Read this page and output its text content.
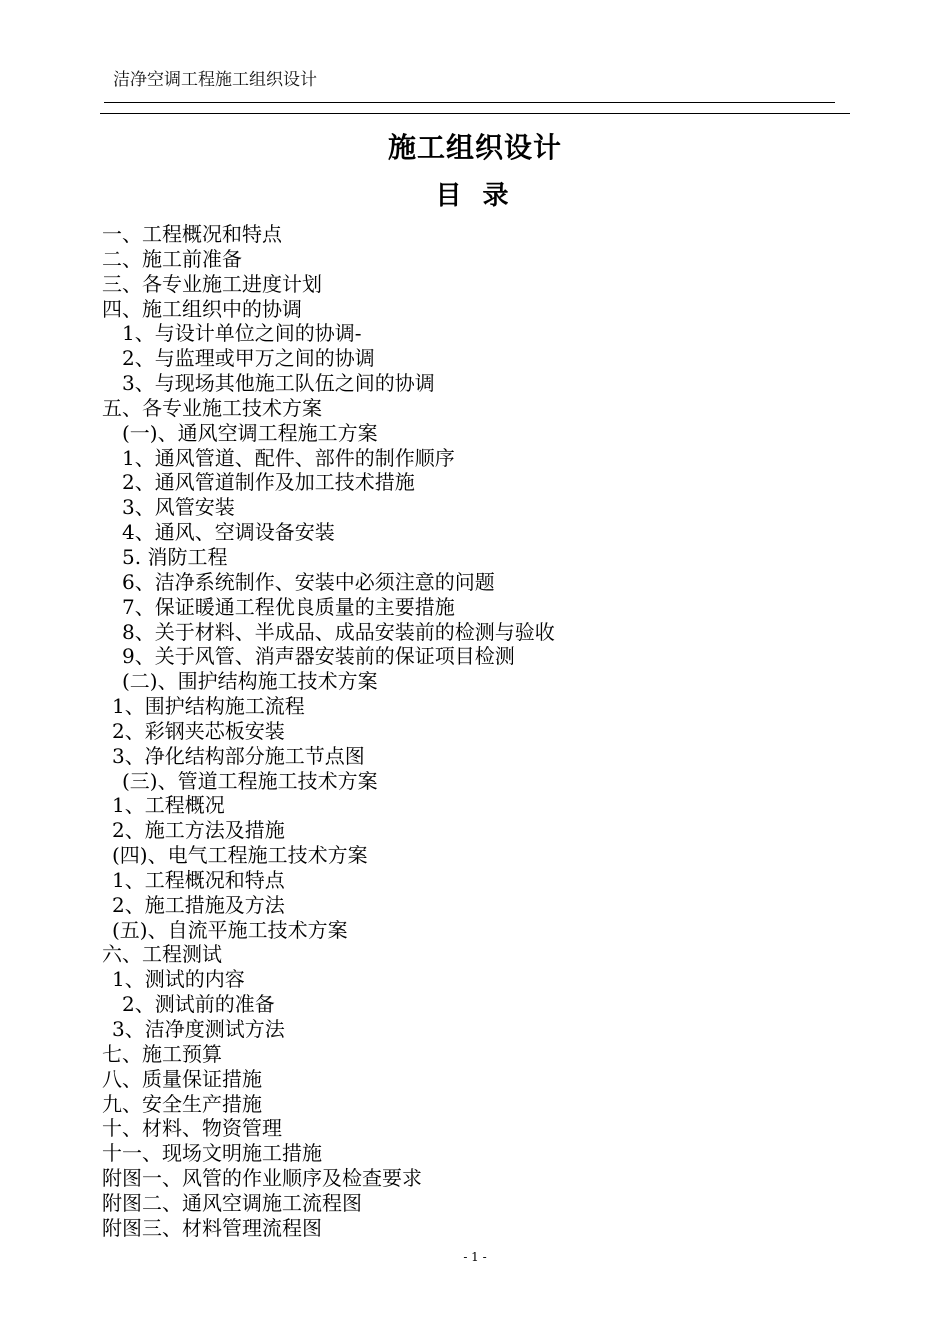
洁净空调工程施工组织设计
施工组织设计
目 录
一、工程概况和特点
二、施工前准备
三、各专业施工进度计划
四、施工组织中的协调
1、与设计单位之间的协调-
2、与监理或甲万之间的协调
3、与现场其他施工队伍之间的协调
五、各专业施工技术方案
(一)、通风空调工程施工方案
1、通风管道、配件、部件的制作顺序
2、通风管道制作及加工技术措施
3、风管安装
4、通风、空调设备安装
5. 消防工程
6、洁净系统制作、安装中必须注意的问题
7、保证暖通工程优良质量的主要措施
8、关于材料、半成品、成品安装前的检测与验收
9、关于风管、消声器安装前的保证项目检测
(二)、围护结构施工技术方案
1、围护结构施工流程
2、彩钢夹芯板安装
3、净化结构部分施工节点图
(三)、管道工程施工技术方案
1、工程概况
2、施工方法及措施
(四)、电气工程施工技术方案
1、工程概况和特点
2、施工措施及方法
(五)、自流平施工技术方案
六、工程测试
1、测试的内容
2、测试前的准备
3、洁净度测试方法
七、施工预算
八、质量保证措施
九、安全生产措施
十、材料、物资管理
十一、现场文明施工措施
附图一、风管的作业顺序及检查要求
附图二、通风空调施工流程图
附图三、材料管理流程图
- 1 -
